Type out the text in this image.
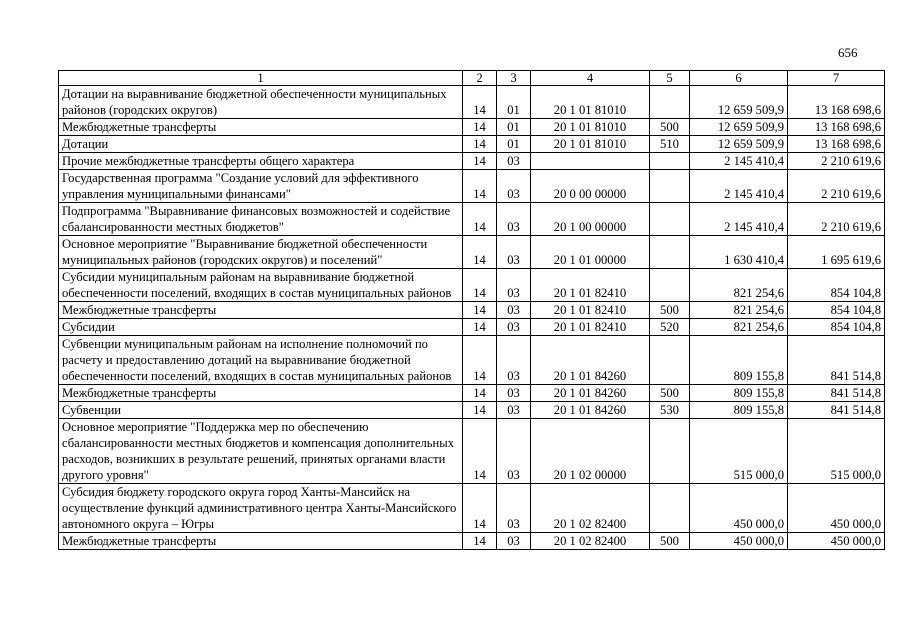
656
1	2	3	4	5	6	7
Дотации на выравнивание бюджетной обеспеченности муниципальных районов (городских округов)	14	01	20 1 01 81010		12 659 509,9	13 168 698,6
Межбюджетные трансферты	14	01	20 1 01 81010	500	12 659 509,9	13 168 698,6
Дотации	14	01	20 1 01 81010	510	12 659 509,9	13 168 698,6
Прочие межбюджетные трансферты общего характера	14	03			2 145 410,4	2 210 619,6
Государственная программа "Создание условий для эффективного управления муниципальными финансами"	14	03	20 0 00 00000		2 145 410,4	2 210 619,6
Подпрограмма "Выравнивание финансовых возможностей и содействие сбалансированности местных бюджетов"	14	03	20 1 00 00000		2 145 410,4	2 210 619,6
Основное мероприятие "Выравнивание бюджетной обеспеченности муниципальных районов (городских округов) и поселений"	14	03	20 1 01 00000		1 630 410,4	1 695 619,6
Субсидии муниципальным районам на выравнивание бюджетной обеспеченности поселений, входящих в состав муниципальных районов	14	03	20 1 01 82410		821 254,6	854 104,8
Межбюджетные трансферты	14	03	20 1 01 82410	500	821 254,6	854 104,8
Субсидии	14	03	20 1 01 82410	520	821 254,6	854 104,8
Субвенции муниципальным районам на исполнение полномочий по расчету и предоставлению дотаций на выравнивание бюджетной обеспеченности поселений, входящих в состав муниципальных районов	14	03	20 1 01 84260		809 155,8	841 514,8
Межбюджетные трансферты	14	03	20 1 01 84260	500	809 155,8	841 514,8
Субвенции	14	03	20 1 01 84260	530	809 155,8	841 514,8
Основное мероприятие "Поддержка мер по обеспечению сбалансированности местных бюджетов и компенсация дополнительных расходов, возникших в результате решений, принятых органами власти другого уровня"	14	03	20 1 02 00000		515 000,0	515 000,0
Субсидия бюджету городского округа город Ханты-Мансийск на осуществление функций административного центра Ханты-Мансийского автономного округа – Югры	14	03	20 1 02 82400		450 000,0	450 000,0
Межбюджетные трансферты	14	03	20 1 02 82400	500	450 000,0	450 000,0
